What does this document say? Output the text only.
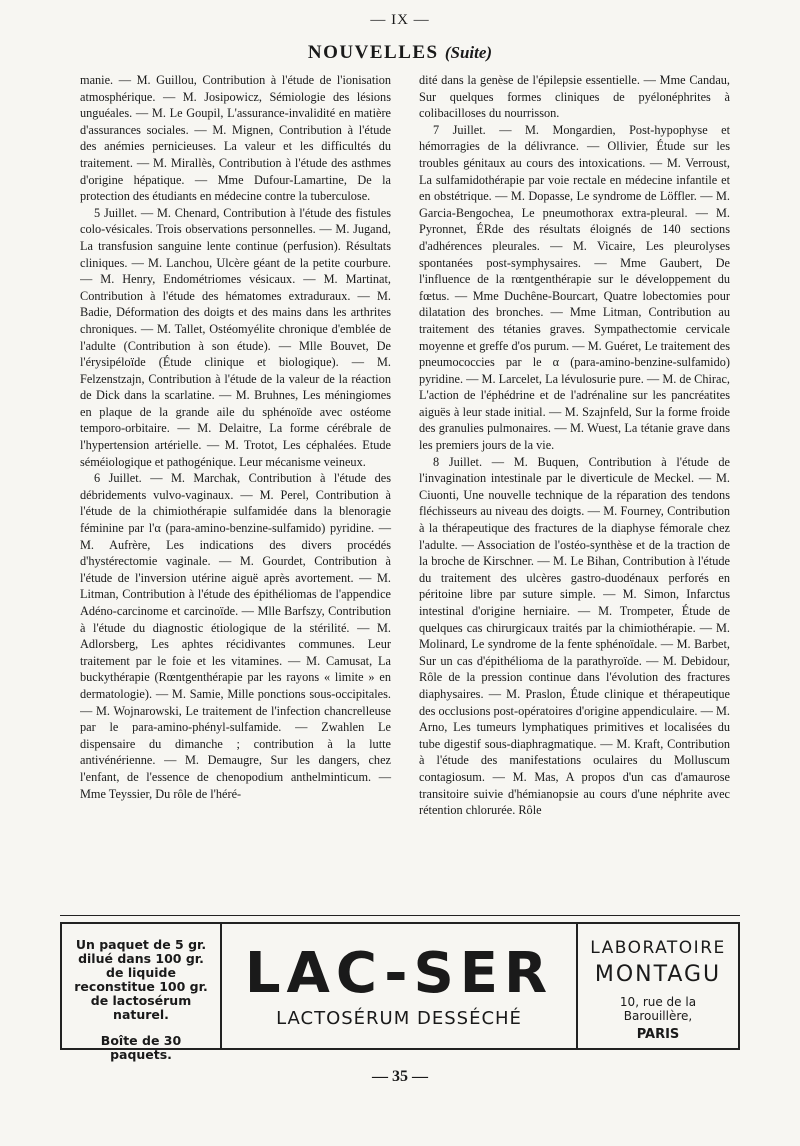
— IX —
NOUVELLES (Suite)

manie. — M. Guillou, Contribution à l'étude de l'ionisation atmosphérique. — M. Josipowicz, Sémiologie des lésions unguéales. — M. Le Goupil, L'assurance-invalidité en matière d'assurances sociales. — M. Mignen, Contribution à l'étude des anémies pernicieuses. La valeur et les difficultés du traitement. — M. Mirallès, Contribution à l'étude des asthmes d'origine hépatique. — Mme Dufour-Lamartine, De la protection des étudiants en médecine contre la tuberculose.

5 Juillet. — M. Chenard, Contribution à l'étude des fistules colo-vésicales. Trois observations personnelles. — M. Jugand, La transfusion sanguine lente continue (perfusion). Résultats cliniques. — M. Lanchou, Ulcère géant de la petite courbure. — M. Henry, Endométriomes vésicaux. — M. Martinat, Contribution à l'étude des hématomes extraduraux. — M. Badie, Déformation des doigts et des mains dans les arthrites chroniques. — M. Tallet, Ostéomyélite chronique d'emblée de l'adulte (Contribution à son étude). — Mlle Bouvet, De l'érysipéloïde (Étude clinique et biologique). — M. Felzenstzajn, Contribution à l'étude de la valeur de la réaction de Dick dans la scarlatine. — M. Bruhnes, Les méningiomes en plaque de la grande aile du sphénoïde avec ostéome temporo-orbitaire. — M. Delaitre, La forme cérébrale de l'hypertension artérielle. — M. Trotot, Les céphalées. Etude séméiologique et pathogénique. Leur mécanisme veineux.

6 Juillet. — M. Marchak, Contribution à l'étude des débridements vulvo-vaginaux. — M. Perel, Contribution à l'étude de la chimiothérapie sulfamidée dans la blenoragie féminine par l'α (para-amino-benzine-sulfamido) pyridine. — M. Aufrère, Les indications des divers procédés d'hystérectomie vaginale. — M. Gourdet, Contribution à l'étude de l'inversion utérine aiguë après avortement. — M. Litman, Contribution à l'étude des épithéliomas de l'appendice Adéno-carcinome et carcinoïde. — Mlle Barfszy, Contribution à l'étude du diagnostic étiologique de la stérilité. — M. Adlorsberg, Les aphtes récidivantes communes. Leur traitement par le foie et les vitamines. — M. Camusat, La buckythérapie (Rœntgenthérapie par les rayons « limite » en dermatologie). — M. Samie, Mille ponctions sous-occipitales. — M. Wojnarowski, Le traitement de l'infection chancrelleuse par le para-amino-phényl-sulfamide. — Zwahlen Le dispensaire du dimanche ; contribution à la lutte antivénérienne. — M. Demaugre, Sur les dangers, chez l'enfant, de l'essence de chenopodium anthelminticum. — Mme Teyssier, Du rôle de l'héré-

dité dans la genèse de l'épilepsie essentielle. — Mme Candau, Sur quelques formes cliniques de pyélonéphrites à colibacilloses du nourrisson.

7 Juillet. — M. Mongardien, Post-hypophyse et hémorragies de la délivrance. — Ollivier, Étude sur les troubles génitaux au cours des intoxications. — M. Verroust, La sulfamidothérapie par voie rectale en médecine infantile et en obstétrique. — M. Dopasse, Le syndrome de Löffler. — M. Garcia-Bengochea, Le pneumothorax extra-pleural. — M. Pyronnet, ÉRde des résultats éloignés de 140 sections d'adhérences pleurales. — M. Vicaire, Les pleurolyses spontanées post-symphysaires. — Mme Gaubert, De l'influence de la rœntgenthérapie sur le développement du fœtus. — Mme Duchêne-Bourcart, Quatre lobectomies pour dilatation des bronches. — Mme Litman, Contribution au traitement des tétanies graves. Sympathectomie cervicale moyenne et greffe d'os purum. — M. Guéret, Le traitement des pneumococcies par le α (para-amino-benzine-sulfamido) pyridine. — M. Larcelet, La lévulosurie pure. — M. de Chirac, L'action de l'éphédrine et de l'adrénaline sur les pancréatites aiguës à leur stade initial. — M. Szajnfeld, Sur la forme froide des granulies pulmonaires. — M. Wuest, La tétanie grave dans les premiers jours de la vie.

8 Juillet. — M. Buquen, Contribution à l'étude de l'invagination intestinale par le diverticule de Meckel. — M. Ciuonti, Une nouvelle technique de la réparation des tendons fléchisseurs au niveau des doigts. — M. Fourney, Contribution à la thérapeutique des fractures de la diaphyse fémorale chez l'adulte. — Association de l'ostéo-synthèse et de la traction de la broche de Kirschner. — M. Le Bihan, Contribution à l'étude du traitement des ulcères gastro-duodénaux perforés en péritoine libre par suture simple. — M. Simon, Infarctus intestinal d'origine herniaire. — M. Trompeter, Étude de quelques cas chirurgicaux traités par la chimiothérapie. — M. Molinard, Le syndrome de la fente sphénoïdale. — M. Barbet, Sur un cas d'épithélioma de la parathyroïde. — M. Debidour, Rôle de la pression continue dans l'évolution des fractures diaphysaires. — M. Praslon, Étude clinique et thérapeutique des occlusions post-opératoires d'origine appendiculaire. — M. Arno, Les tumeurs lymphatiques primitives et localisées du tube digestif sous-diaphragmatique. — M. Kraft, Contribution à l'étude des manifestations oculaires du Molluscum contagiosum. — M. Mas, A propos d'un cas d'amaurose transitoire suivie d'hémianopsie au cours d'une néphrite avec rétention chlorurée. Rôle

Un paquet de 5 gr. dilué dans 100 gr. de liquide reconstitue 100 gr. de lactosérum naturel.
Boîte de 30 paquets.
LAC-SER
LACTOSÉRUM DESSÉCHÉ
LABORATOIRE
MONTAGU
10, rue de la Barouillère,
PARIS
— 35 —
